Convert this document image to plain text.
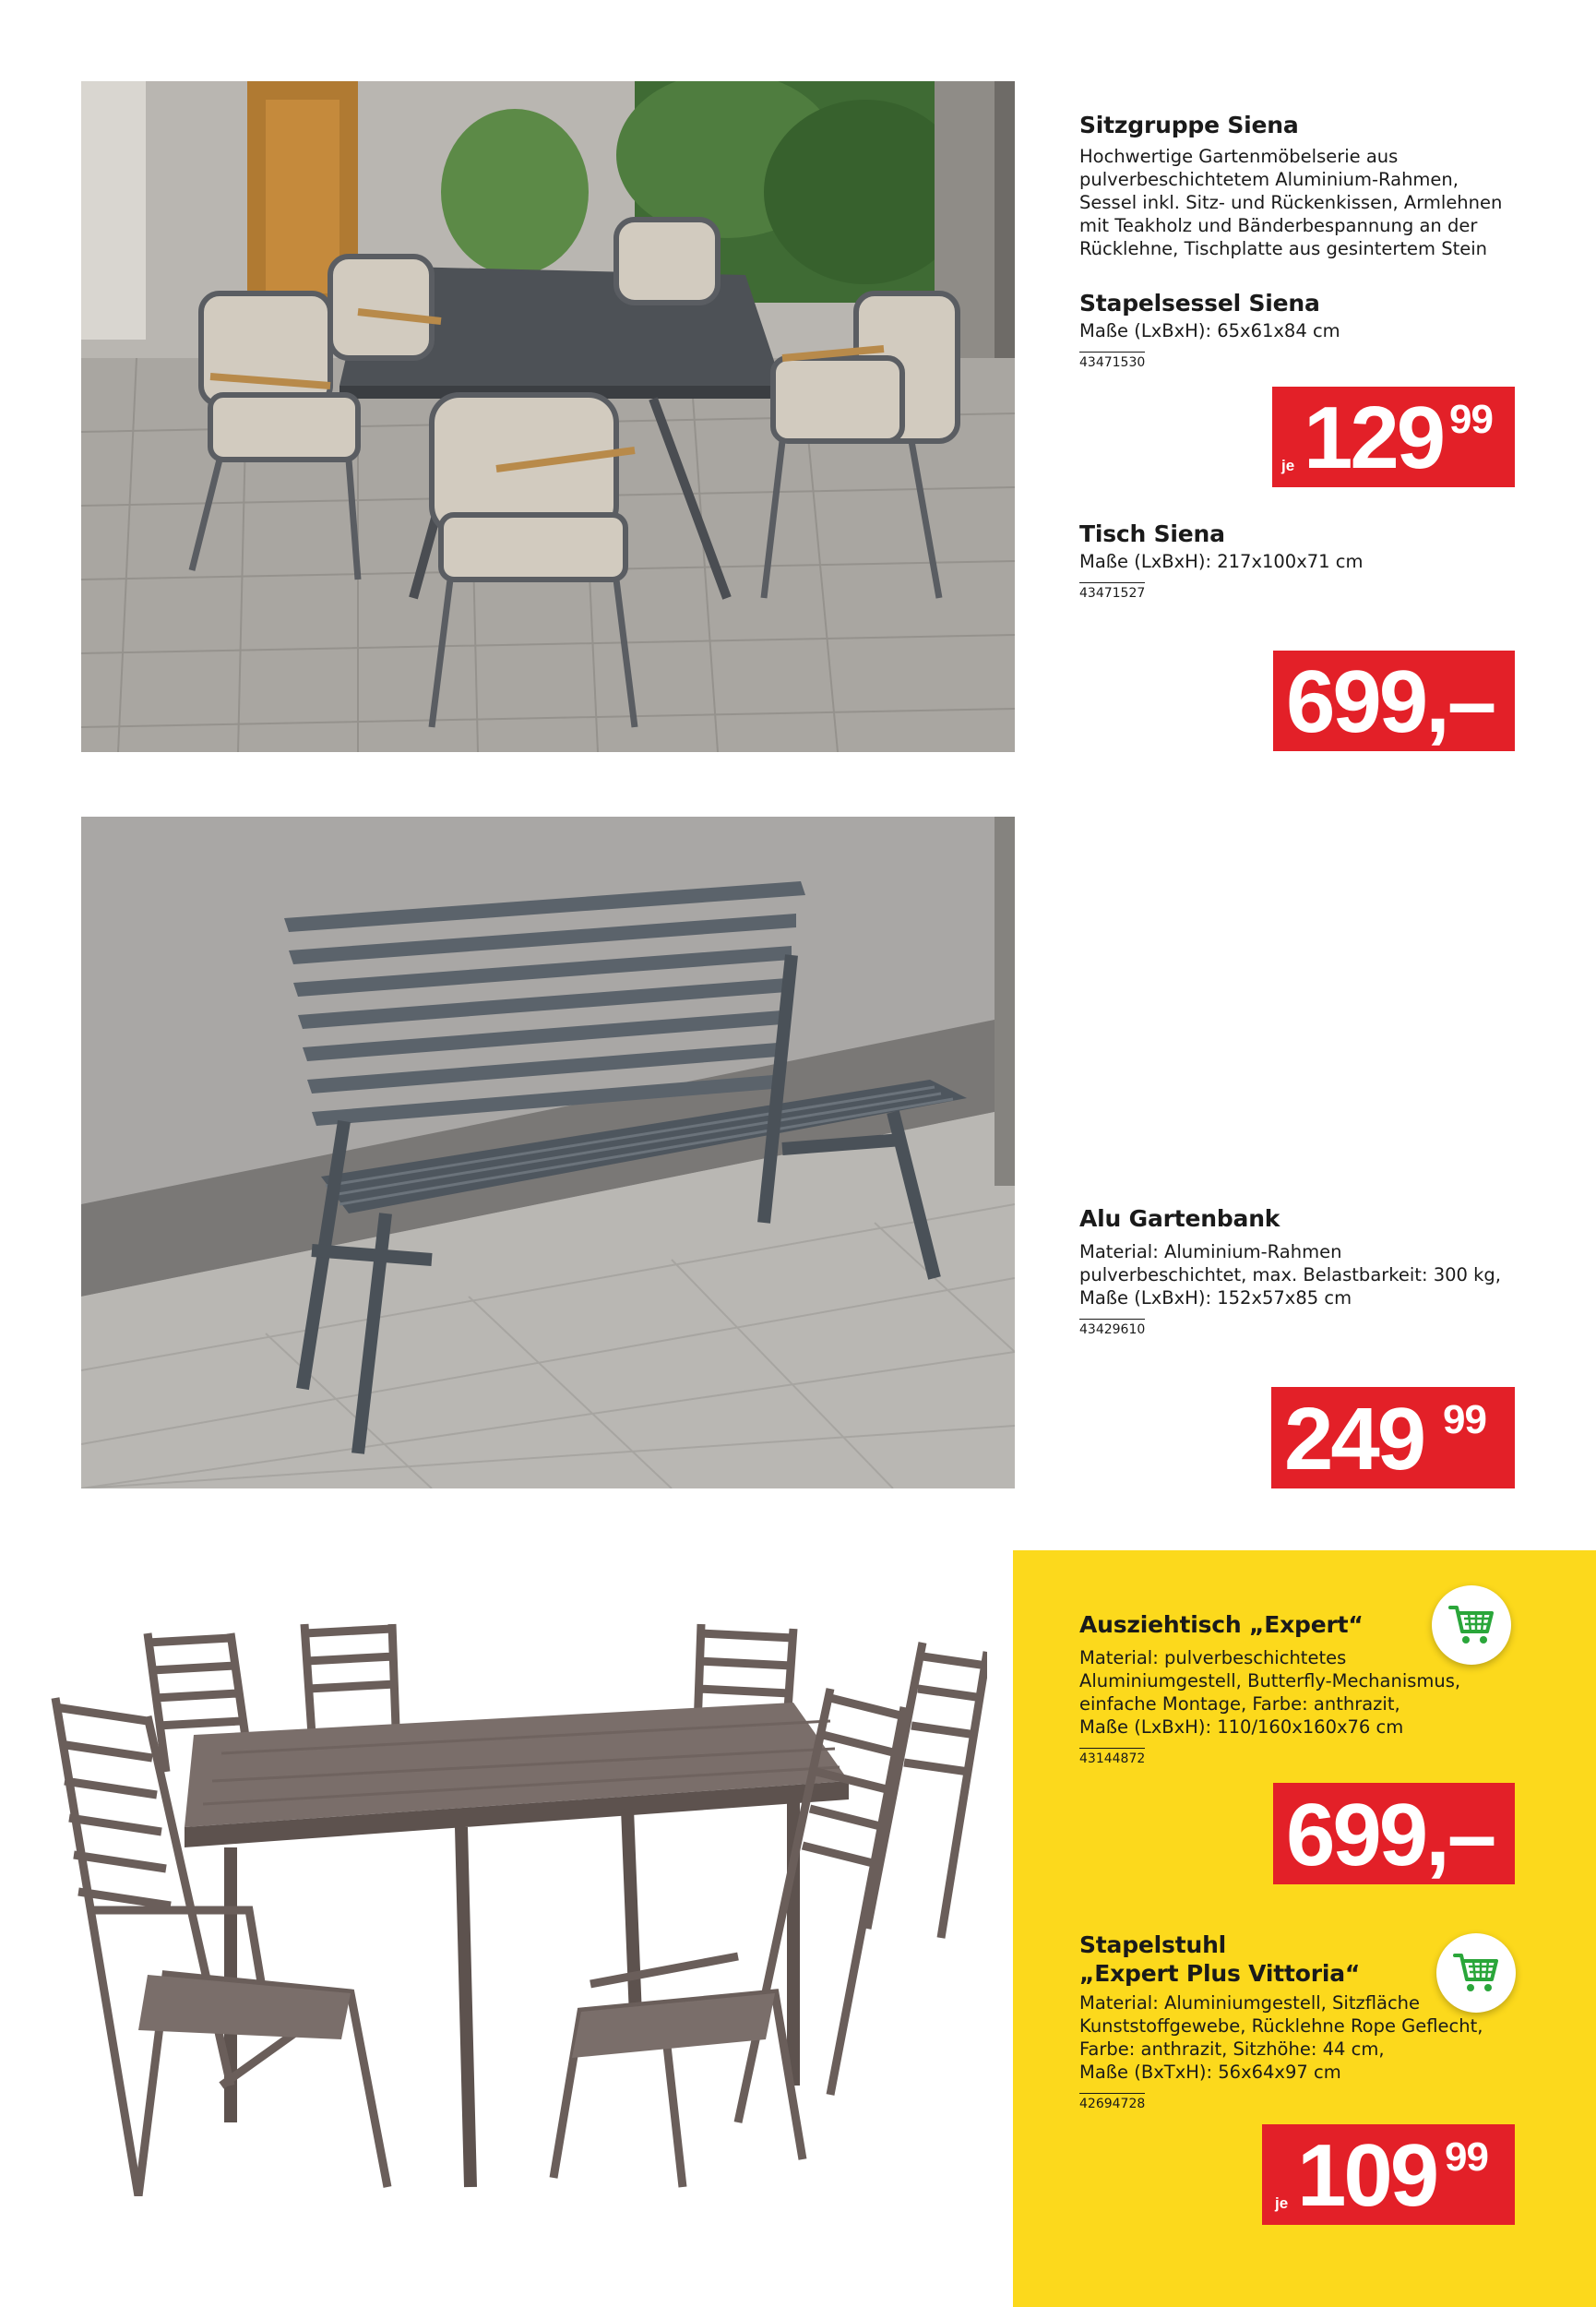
Sitzgruppe Siena
Hochwertige Gartenmöbelserie aus
pulverbeschichtetem Aluminium-Rahmen,
Sessel inkl. Sitz- und Rückenkissen, Armlehnen
mit Teakholz und Bänderbespannung an der
Rücklehne, Tischplatte aus gesintertem Stein
Stapelsessel Siena
Maße (LxBxH): 65x61x84 cm
43471530
je 129 99
Tisch Siena
Maße (LxBxH): 217x100x71 cm
43471527
699,–
Alu Gartenbank
Material: Aluminium-Rahmen
pulverbeschichtet, max. Belastbarkeit: 300 kg,
Maße (LxBxH): 152x57x85 cm
43429610
249 99
Ausziehtisch „Expert“
Material: pulverbeschichtetes
Aluminiumgestell, Butterfly-Mechanismus,
einfache Montage, Farbe: anthrazit,
Maße (LxBxH): 110/160x160x76 cm
43144872
699,–
Stapelstuhl
„Expert Plus Vittoria“
Material: Aluminiumgestell, Sitzfläche
Kunststoffgewebe, Rücklehne Rope Geflecht,
Farbe: anthrazit, Sitzhöhe: 44 cm,
Maße (BxTxH): 56x64x97 cm
42694728
je 109 99
